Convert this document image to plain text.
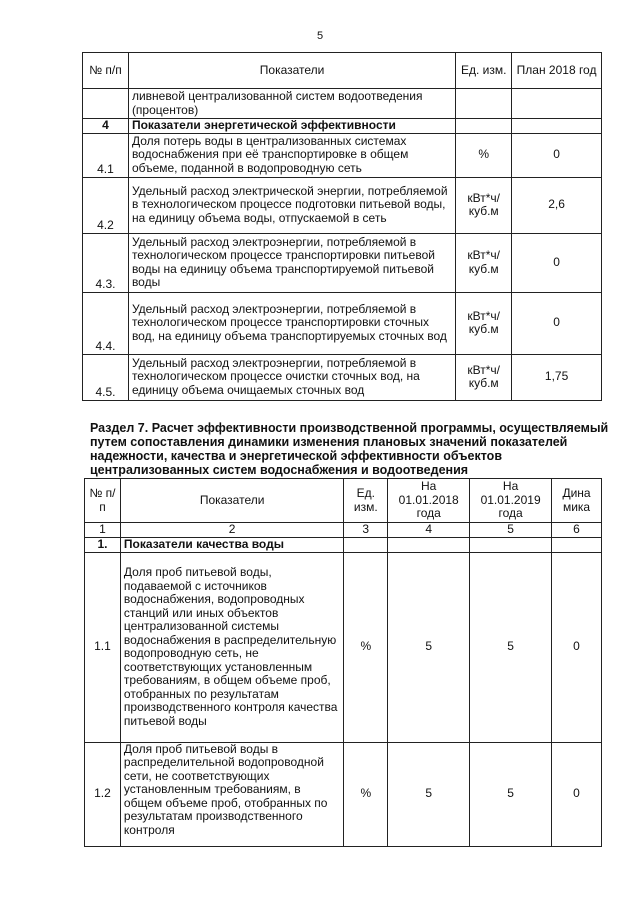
5
№ п/п	Показатели	Ед. изм.	План 2018 год
	ливневой централизованной систем водоотведения (процентов)		
4	Показатели энергетической эффективности		
4.1	Доля потерь воды в централизованных системах водоснабжения при её транспортировке в общем объеме, поданной в водопроводную сеть	%	0
4.2	Удельный расход электрической энергии, потребляемой в технологическом процессе подготовки питьевой воды, на единицу объема воды, отпускаемой в сеть	кВт*ч/ куб.м	2,6
4.3.	Удельный расход электроэнергии, потребляемой в технологическом процессе транспортировки питьевой воды на единицу объема транспортируемой питьевой воды	кВт*ч/ куб.м	0
4.4.	Удельный расход электроэнергии, потребляемой в технологическом процессе транспортировки сточных вод, на единицу объема транспортируемых сточных вод	кВт*ч/ куб.м	0
4.5.	Удельный расход электроэнергии, потребляемой в технологическом процессе очистки сточных вод, на единицу объема очищаемых сточных вод	кВт*ч/ куб.м	1,75
Раздел 7. Расчет эффективности производственной программы, осуществляемый путем сопоставления динамики изменения плановых значений показателей надежности, качества и энергетической эффективности объектов централизованных систем водоснабжения и водоотведения
№ п/п	Показатели	Ед. изм.	На 01.01.2018 года	На 01.01.2019 года	Дина мика
1	2	3	4	5	6
1.	Показатели качества воды				
1.1	Доля проб питьевой воды, подаваемой с источников водоснабжения, водопроводных станций или иных объектов централизованной системы водоснабжения в распределительную водопроводную сеть, не соответствующих установленным требованиям, в общем объеме проб, отобранных по результатам производственного контроля качества питьевой воды	%	5	5	0
1.2	Доля проб питьевой воды в распределительной водопроводной сети, не соответствующих установленным требованиям, в общем объеме проб, отобранных по результатам производственного контроля	%	5	5	0
